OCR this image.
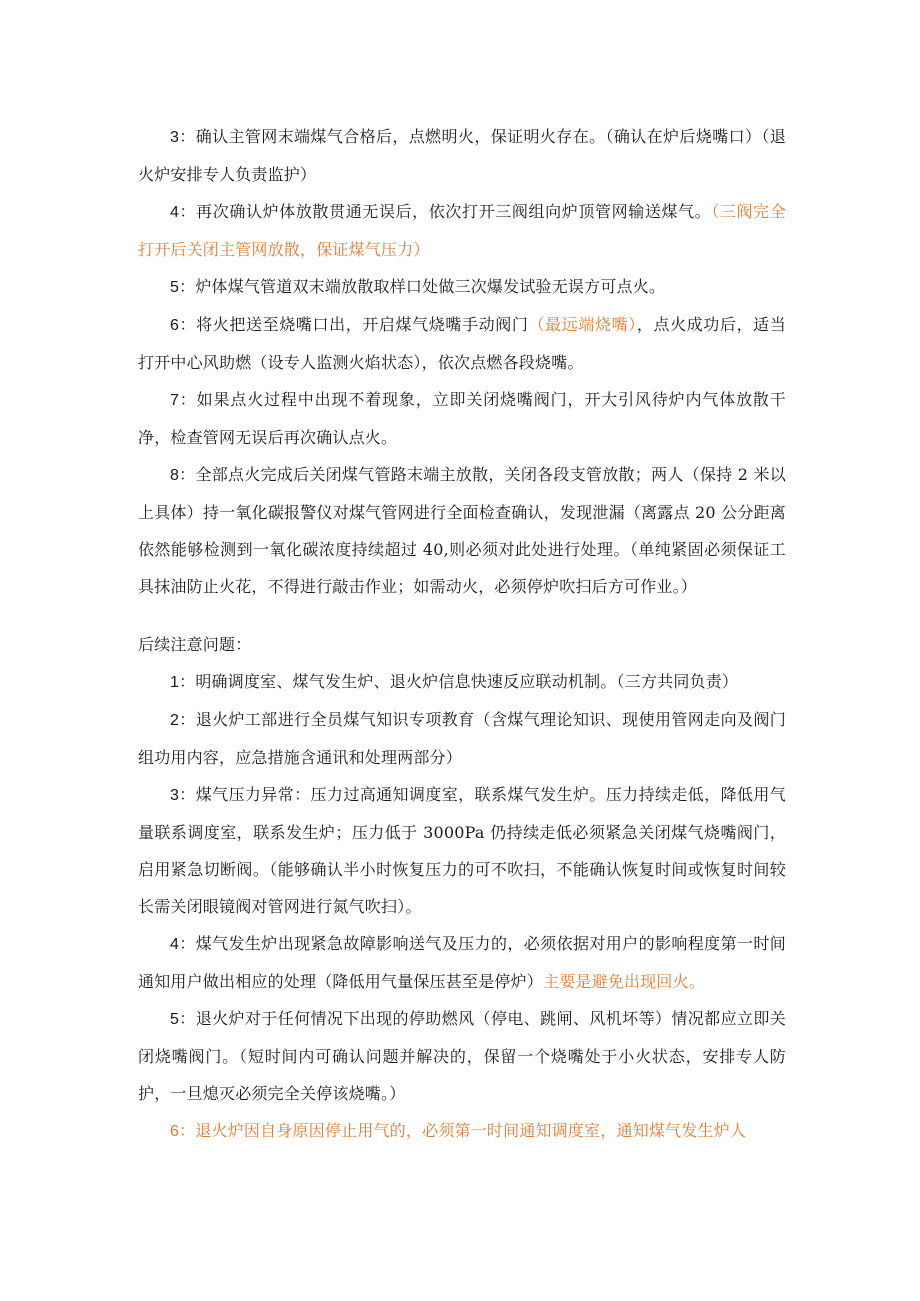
3：确认主管网末端煤气合格后，点燃明火，保证明火存在。（确认在炉后烧嘴口）（退火炉安排专人负责监护）

4：再次确认炉体放散贯通无误后，依次打开三阀组向炉顶管网输送煤气。（三阀完全打开后关闭主管网放散，保证煤气压力）

5：炉体煤气管道双末端放散取样口处做三次爆发试验无误方可点火。

6：将火把送至烧嘴口出，开启煤气烧嘴手动阀门（最远端烧嘴），点火成功后，适当打开中心风助燃（设专人监测火焰状态），依次点燃各段烧嘴。

7：如果点火过程中出现不着现象，立即关闭烧嘴阀门，开大引风待炉内气体放散干净，检查管网无误后再次确认点火。

8：全部点火完成后关闭煤气管路末端主放散，关闭各段支管放散；两人（保持 2 米以上具体）持一氧化碳报警仪对煤气管网进行全面检查确认，发现泄漏（离露点 20 公分距离依然能够检测到一氧化碳浓度持续超过 40,则必须对此处进行处理。（单纯紧固必须保证工具抹油防止火花，不得进行敲击作业；如需动火，必须停炉吹扫后方可作业。）

后续注意问题：

1：明确调度室、煤气发生炉、退火炉信息快速反应联动机制。（三方共同负责）

2：退火炉工部进行全员煤气知识专项教育（含煤气理论知识、现使用管网走向及阀门组功用内容，应急措施含通讯和处理两部分）

3：煤气压力异常：压力过高通知调度室，联系煤气发生炉。压力持续走低，降低用气量联系调度室，联系发生炉；压力低于 3000Pa 仍持续走低必须紧急关闭煤气烧嘴阀门，启用紧急切断阀。（能够确认半小时恢复压力的可不吹扫，不能确认恢复时间或恢复时间较长需关闭眼镜阀对管网进行氮气吹扫）。

4：煤气发生炉出现紧急故障影响送气及压力的，必须依据对用户的影响程度第一时间通知用户做出相应的处理（降低用气量保压甚至是停炉）主要是避免出现回火。

5：退火炉对于任何情况下出现的停助燃风（停电、跳闸、风机坏等）情况都应立即关闭烧嘴阀门。（短时间内可确认问题并解决的，保留一个烧嘴处于小火状态，安排专人防护，一旦熄灭必须完全关停该烧嘴。）

6：退火炉因自身原因停止用气的，必须第一时间通知调度室，通知煤气发生炉人
